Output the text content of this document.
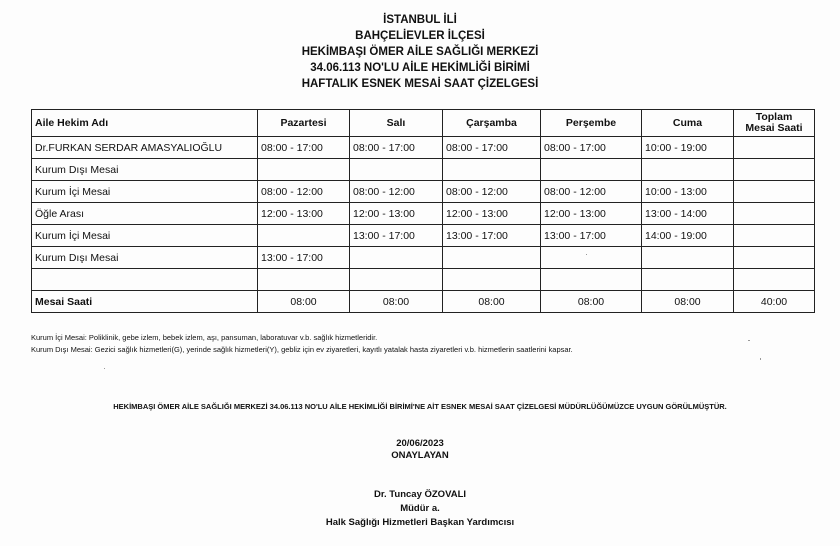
İSTANBUL İLİ
BAHÇELİEVLER İLÇESİ
HEKİMBAŞI ÖMER AİLE SAĞLIĞI MERKEZİ
34.06.113 NO'LU AİLE HEKİMLİĞİ BİRİMİ
HAFTALIK ESNEK MESAİ SAAT ÇİZELGESİ
Aile Hekim Adı	Pazartesi	Salı	Çarşamba	Perşembe	Cuma	Toplam
Mesai Saati
Dr.FURKAN SERDAR AMASYALIOĞLU	08:00 - 17:00	08:00 - 17:00	08:00 - 17:00	08:00 - 17:00	10:00 - 19:00	
Kurum Dışı Mesai						
Kurum İçi Mesai	08:00 - 12:00	08:00 - 12:00	08:00 - 12:00	08:00 - 12:00	10:00 - 13:00	
Öğle Arası	12:00 - 13:00	12:00 - 13:00	12:00 - 13:00	12:00 - 13:00	13:00 - 14:00	
Kurum İçi Mesai		13:00 - 17:00	13:00 - 17:00	13:00 - 17:00	14:00 - 19:00	
Kurum Dışı Mesai	13:00 - 17:00					

Mesai Saati	08:00	08:00	08:00	08:00	08:00	40:00
Kurum İçi Mesai: Poliklinik, gebe izlem, bebek izlem, aşı, pansuman, laboratuvar v.b. sağlık hizmetleridir.
Kurum Dışı Mesai: Gezici sağlık hizmetleri(G), yerinde sağlık hizmetleri(Y), gebliz için ev ziyaretleri, kayıtlı yatalak hasta ziyaretleri v.b. hizmetlerin saatlerini kapsar.
HEKİMBAŞI ÖMER AİLE SAĞLIĞI MERKEZİ 34.06.113 NO'LU AİLE HEKİMLİĞİ BİRİMİ'NE AİT ESNEK MESAİ SAAT ÇİZELGESİ MÜDÜRLÜĞÜMÜZCE UYGUN GÖRÜLMÜŞTÜR.
20/06/2023
ONAYLAYAN
Dr. Tuncay ÖZOVALI
Müdür a.
Halk Sağlığı Hizmetleri Başkan Yardımcısı
